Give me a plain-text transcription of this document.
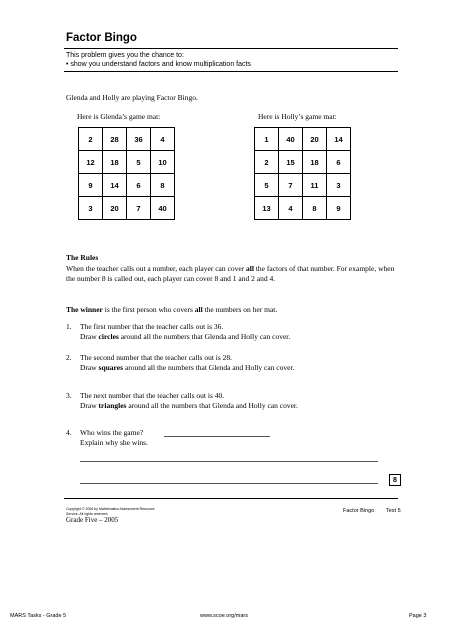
Factor Bingo
This problem gives you the chance to:
• show you understand factors and know multiplication facts
Glenda and Holly are playing Factor Bingo.
Here is Glenda’s game mat:	Here is Holly’s game mat:
2	28	36	4
12	18	5	10
9	14	6	8
3	20	7	40
1	40	20	14
2	15	18	6
5	7	11	3
13	4	8	9
The Rules
When the teacher calls out a number, each player can cover all the factors of that number. For example, when the number 8 is called out, each player can cover 8 and 1 and 2 and 4.
The winner is the first person who covers all the numbers on her mat.
1.	The first number that the teacher calls out is 36.
Draw circles around all the numbers that Glenda and Holly can cover.
2.	The second number that the teacher calls out is 28.
Draw squares around all the numbers that Glenda and Holly can cover.
3.	The next number that the teacher calls out is 40.
Draw triangles around all the numbers that Glenda and Holly can cover.
4.	Who wins the game?
Explain why she wins.
8
Copyright © 2006 by Mathematics Assessment Resource Service. All rights reserved.	Factor Bingo Test 5
Grade Five – 2005
MARS Tasks - Grade 5	www.scoe.org/mars	Page 3
